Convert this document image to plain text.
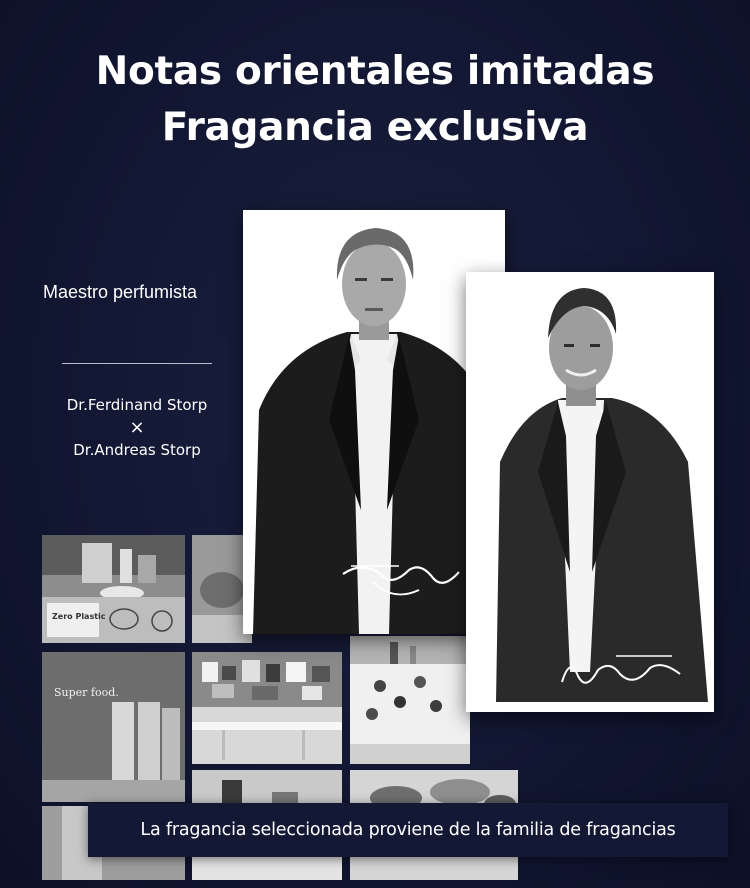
Notas orientales imitadas
Fragancia exclusiva
Maestro perfumista
Dr.Ferdinand Storp
×
Dr.Andreas Storp
Zero Plastic
Super food.
La fragancia seleccionada proviene de la familia de fragancias
